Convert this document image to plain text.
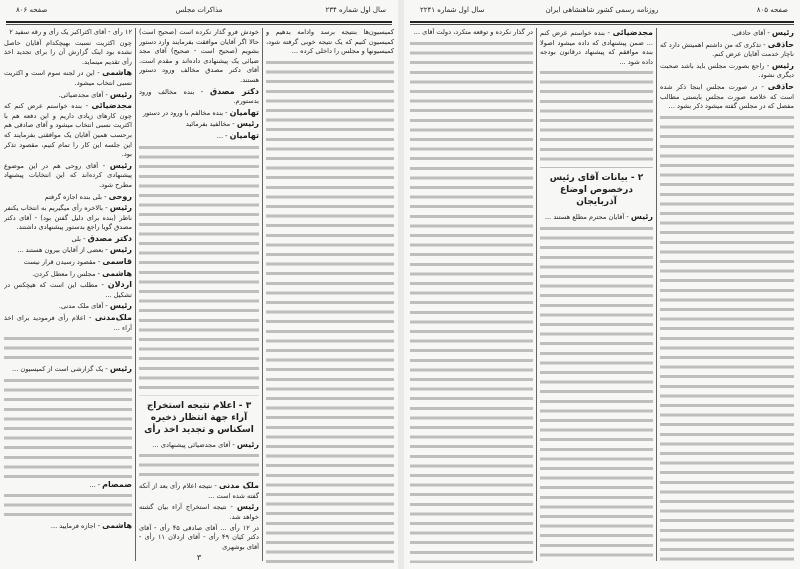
سال اول شماره ۲۳۴
مذاکرات مجلس
صفحه ۸۰۶

کمیسیون‌ها بنتیجه برسد وادامه بدهیم و کمیسیون کنیم که یک نتیجه خوبی گرفته شود، کمیسیونها و مجلس را داخلی کرده ...

خودش فرو گذار نکرده است (صحیح است) حالا اگر آقایان موافقت بفرمایند وارد دستور بشویم (صحیح است - صحیح) آقای مجد ضیائی یک پیشنهادی داده‌اند و مقدم است. آقای دکتر مصدق مخالف ورود دستور هستند.

دکتر مصدق - بنده مخالف ورود بدستورم.

تهامیان - بنده مخالفم با ورود در دستور

رئیس - مخالفید بفرمائید

تهامیان - ...

۳ - اعلام نتیجه استخراج آراء جهة انتظار ذخیره اسکناس و تجدید اخذ رأی

رئیس - آقای مجدضیائی پیشنهادی ...

ملک مدنی - نتیجه اعلام رأی بعد از آنکه گفته شده است ...

رئیس - نتیجه استخراج آراء بیان گشته خواهد شد.

در ۱۲ رأی ... آقای صادقی ۴۵ رأی - آقای دکتر کیان ۴۹ رأی - آقای اردلان ۱۱ رأی - آقای بوشهری

۳

۱۲ رأی - آقای اکثراکبر یک رأی و رقه سفید ۲

چون اکثریت نسبت بهیچکدام آقایان حاصل نشده بود اینک گزارش آن را برای تجدید اخذ رأی تقدیم مینماید.

هاشمی - این در لجنه سوم است و اکثریت نسبی انتخاب میشود.

رئیس - آقای مجدضیائی.

مجدضیائی - بنده خواستم عرض کنم که چون کارهای زیادی داریم و این دفعه هم با اکثریت نسبی انتخاب میشود و آقای صادقی هم برحسب همین آقایان یک موافقتی بفرمایند که این جلسه این کار را تمام کنیم، مقصود تذکر بود.

رئیس - آقای روحی هم در این موضوع پیشنهادی کرده‌اند که این انتخابات پیشنهاد مطرح شود.

روحی - بلی بنده اجازه گرفتم

رئیس - بالاخره رأی میگیریم به انتخاب یکنفر ناظر (بنده برای دلیل گفتن بود) - آقای دکتر مصدق گویا راجع بدستور پیشنهادی داشتند.

دکتر مصدق - بلی

رئیس - بعضی از آقایان بیرون هستند ...

قاسمی - مقصود رسیدن قرار نیست

هاشمی - مجلس را معطل کردن.

اردلان - مطلب این است که هیچکس در تشکیل ...

رئیس - آقای ملک مدنی.

ملک‌مدنی - اعلام رأی فرمودید برای اخذ آراء ...

رئیس - یک گزارشی است از کمیسیون ...

صمصام - ...

هاشمی - اجازه فرمایید ...

صفحه ۸۰۵
روزنامه رسمی کشور شاهنشاهی ایران
سال اول شماره ۲۲۴۱

رئیس - آقای حاذقی.

حاذقی - تذکری که من داشتم اهمیتش دارد که ناچار خدمت آقایان عرض کنم.

رئیس - راجع بصورت مجلس باید باشد صحبت دیگری نشود.

حاذقی - در صورت مجلس اینجا ذکر شده است که خلاصه صورت مجلس بایستی مطالب مفصل که در مجلس گفته میشود ذکر بشود ...

مجدضیائی - بنده خواستم عرض کنم ... ضمن پیشنهادی که داده میشود اصولا بنده موافقم که پیشنهاد درقانون بودجه داده شود ...

۲ - بیانات آقای رئیس درخصوص اوضاع آذربایجان

رئیس - آقایان محترم مطلع هستند ...

در گذار نکرده و توقعه متکرد، دولت آقای ...
